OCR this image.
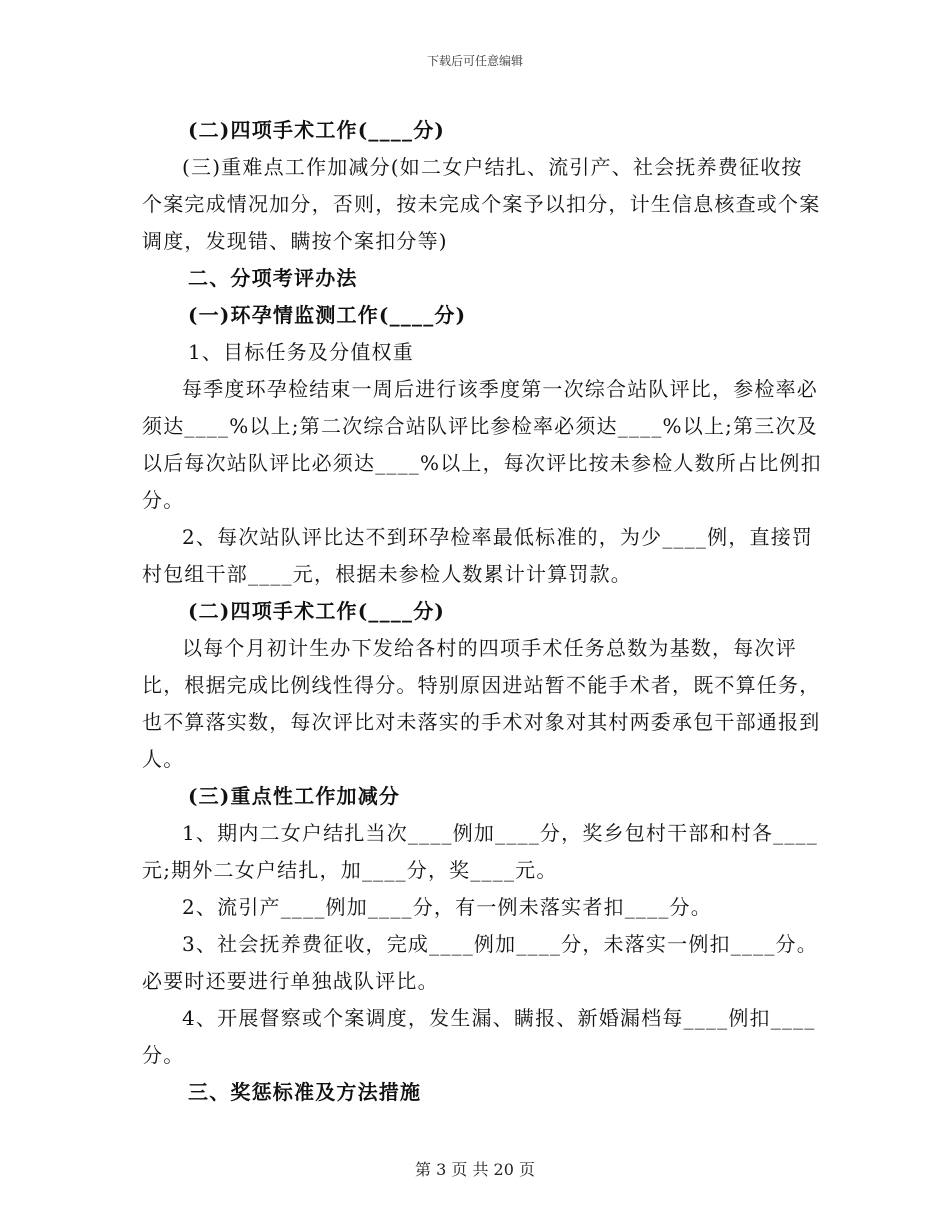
下载后可任意编辑

(二)四项手术工作(____分)

(三)重难点工作加减分(如二女户结扎、流引产、社会抚养费征收按个案完成情况加分，否则，按未完成个案予以扣分，计生信息核查或个案调度，发现错、瞒按个案扣分等)

二、分项考评办法

(一)环孕情监测工作(____分)

1、目标任务及分值权重

每季度环孕检结束一周后进行该季度第一次综合站队评比，参检率必须达____%以上;第二次综合站队评比参检率必须达____%以上;第三次及以后每次站队评比必须达____%以上，每次评比按未参检人数所占比例扣分。

2、每次站队评比达不到环孕检率最低标准的，为少____例，直接罚村包组干部____元，根据未参检人数累计计算罚款。

(二)四项手术工作(____分)

以每个月初计生办下发给各村的四项手术任务总数为基数，每次评比，根据完成比例线性得分。特别原因进站暂不能手术者，既不算任务，也不算落实数，每次评比对未落实的手术对象对其村两委承包干部通报到人。

(三)重点性工作加减分

1、期内二女户结扎当次____例加____分，奖乡包村干部和村各____元;期外二女户结扎，加____分，奖____元。

2、流引产____例加____分，有一例未落实者扣____分。

3、社会抚养费征收，完成____例加____分，未落实一例扣____分。必要时还要进行单独战队评比。

4、开展督察或个案调度，发生漏、瞒报、新婚漏档每____例扣____分。

三、奖惩标准及方法措施

第 3 页 共 20 页
